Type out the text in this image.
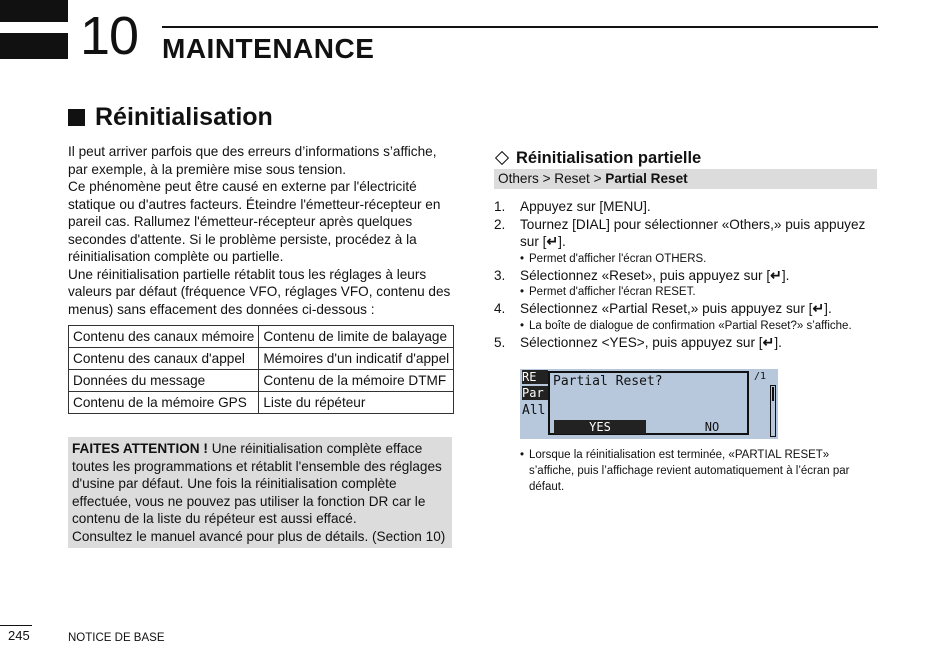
10 MAINTENANCE
Réinitialisation

Il peut arriver parfois que des erreurs d’informations s’affiche, par exemple, à la première mise sous tension.

Ce phénomène peut être causé en externe par l'électricité statique ou d'autres facteurs. Éteindre l'émetteur-récepteur en pareil cas. Rallumez l'émetteur-récepteur après quelques secondes d'attente. Si le problème persiste, procédez à la réinitialisation complète ou partielle.

Une réinitialisation partielle rétablit tous les réglages à leurs valeurs par défaut (fréquence VFO, réglages VFO, contenu des menus) sans effacement des données ci-dessous :

Contenu des canaux mémoire	Contenu de limite de balayage
Contenu des canaux d'appel	Mémoires d'un indicatif d'appel
Données du message	Contenu de la mémoire DTMF
Contenu de la mémoire GPS	Liste du répéteur

FAITES ATTENTION ! Une réinitialisation complète efface toutes les programmations et rétablit l'ensemble des réglages d'usine par défaut. Une fois la réinitialisation complète effectuée, vous ne pouvez pas utiliser la fonction DR car le contenu de la liste du répéteur est aussi effacé.

Consultez le manuel avancé pour plus de détails. (Section 10)

Réinitialisation partielle
Others > Reset > Partial Reset
1.	Appuyez sur [MENU].
2.	Tournez [DIAL] pour sélectionner «Others,» puis appuyez sur [↵].
• Permet d'afficher l'écran OTHERS.
3.	Sélectionnez «Reset», puis appuyez sur [↵].
• Permet d'afficher l'écran RESET.
4.	Sélectionnez «Partial Reset,» puis appuyez sur [↵].
• La boîte de dialogue de confirmation «Partial Reset?» s’affiche.
5.	Sélectionnez <YES>, puis appuyez sur [↵].
RE
Par
All
/1
Partial Reset?
YES	NO
• Lorsque la réinitialisation est terminée, «PARTIAL RESET» s’affiche, puis l’affichage revient automatiquement à l’écran par défaut.
245	NOTICE DE BASE
